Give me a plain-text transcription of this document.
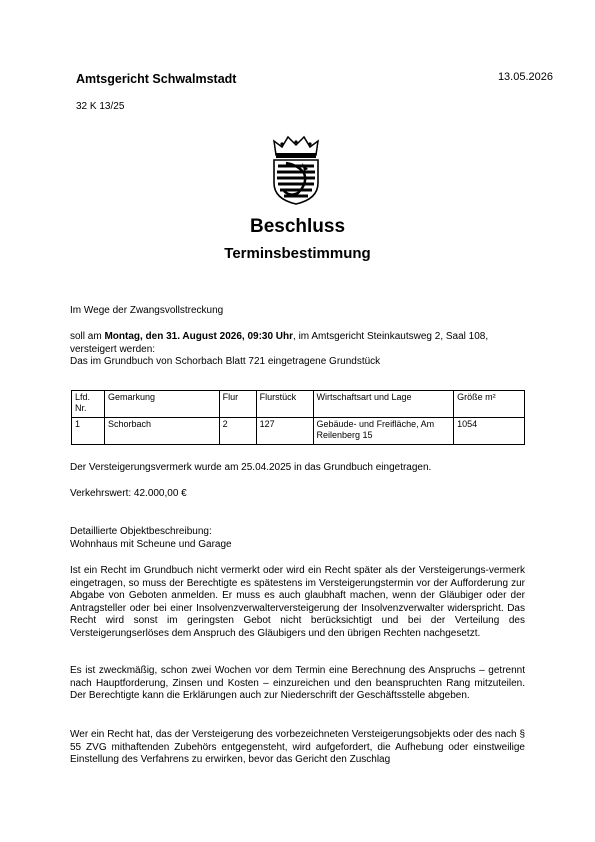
Amtsgericht Schwalmstadt	13.05.2026
32 K 13/25
Beschluss
Terminsbestimmung
Im Wege der Zwangsvollstreckung
soll am Montag, den 31. August 2026, 09:30 Uhr, im Amtsgericht Steinkautsweg 2, Saal 108, versteigert werden:
Das im Grundbuch von Schorbach Blatt 721 eingetragene Grundstück
Lfd. Nr.	Gemarkung	Flur	Flurstück	Wirtschaftsart und Lage	Größe m²
1	Schorbach	2	127	Gebäude- und Freifläche, Am Reilenberg 15	1054
Der Versteigerungsvermerk wurde am 25.04.2025 in das Grundbuch eingetragen.
Verkehrswert: 42.000,00 €
Detaillierte Objektbeschreibung:
Wohnhaus mit Scheune und Garage
Ist ein Recht im Grundbuch nicht vermerkt oder wird ein Recht später als der Versteigerungs-vermerk eingetragen, so muss der Berechtigte es spätestens im Versteigerungstermin vor der Aufforderung zur Abgabe von Geboten anmelden. Er muss es auch glaubhaft machen, wenn der Gläubiger oder der Antragsteller oder bei einer Insolvenzverwalterversteigerung der Insolvenzverwalter widerspricht. Das Recht wird sonst im geringsten Gebot nicht berücksichtigt und bei der Verteilung des Versteigerungserlöses dem Anspruch des Gläubigers und den übrigen Rechten nachgesetzt.
Es ist zweckmäßig, schon zwei Wochen vor dem Termin eine Berechnung des Anspruchs – getrennt nach Hauptforderung, Zinsen und Kosten – einzureichen und den beanspruchten Rang mitzuteilen. Der Berechtigte kann die Erklärungen auch zur Niederschrift der Geschäftsstelle abgeben.
Wer ein Recht hat, das der Versteigerung des vorbezeichneten Versteigerungsobjekts oder des nach § 55 ZVG mithaftenden Zubehörs entgegensteht, wird aufgefordert, die Aufhebung oder einstweilige Einstellung des Verfahrens zu erwirken, bevor das Gericht den Zuschlag
